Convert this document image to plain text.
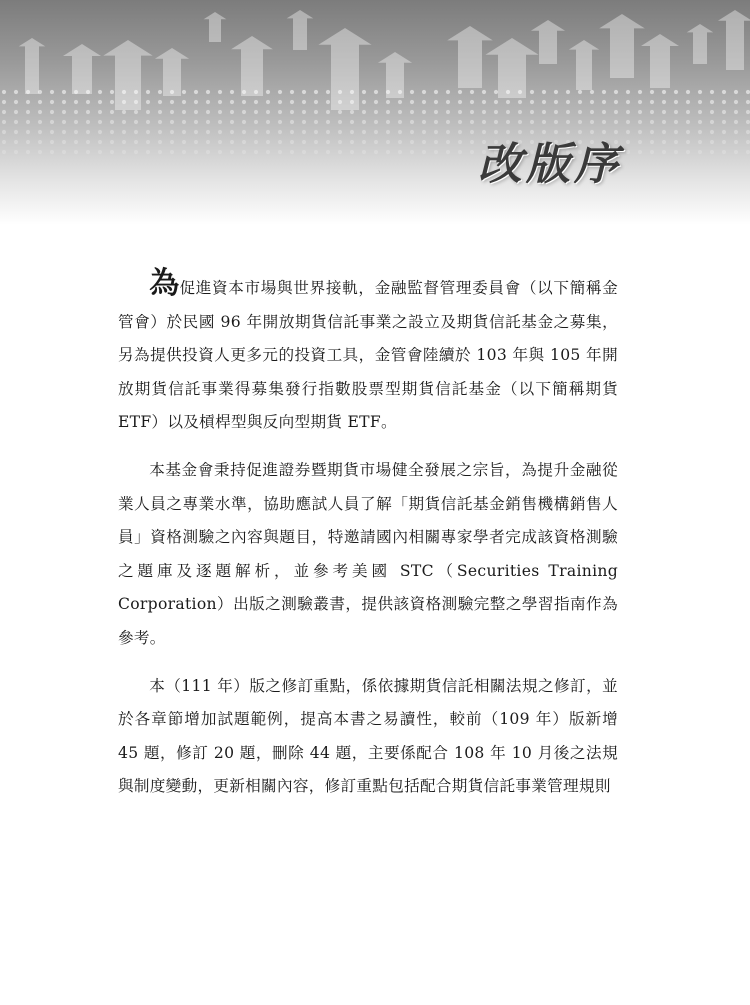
改版序

為促進資本市場與世界接軌，金融監督管理委員會（以下簡稱金管會）於民國 96 年開放期貨信託事業之設立及期貨信託基金之募集，另為提供投資人更多元的投資工具，金管會陸續於 103 年與 105 年開放期貨信託事業得募集發行指數股票型期貨信託基金（以下簡稱期貨 ETF）以及槓桿型與反向型期貨 ETF。

本基金會秉持促進證券暨期貨市場健全發展之宗旨，為提升金融從業人員之專業水準，協助應試人員了解「期貨信託基金銷售機構銷售人員」資格測驗之內容與題目，特邀請國內相關專家學者完成該資格測驗之題庫及逐題解析，並參考美國 STC（Securities Training Corporation）出版之測驗叢書，提供該資格測驗完整之學習指南作為參考。

本（111 年）版之修訂重點，係依據期貨信託相關法規之修訂，並於各章節增加試題範例，提高本書之易讀性，較前（109 年）版新增 45 題，修訂 20 題，刪除 44 題，主要係配合 108 年 10 月後之法規與制度變動，更新相關內容，修訂重點包括配合期貨信託事業管理規則
